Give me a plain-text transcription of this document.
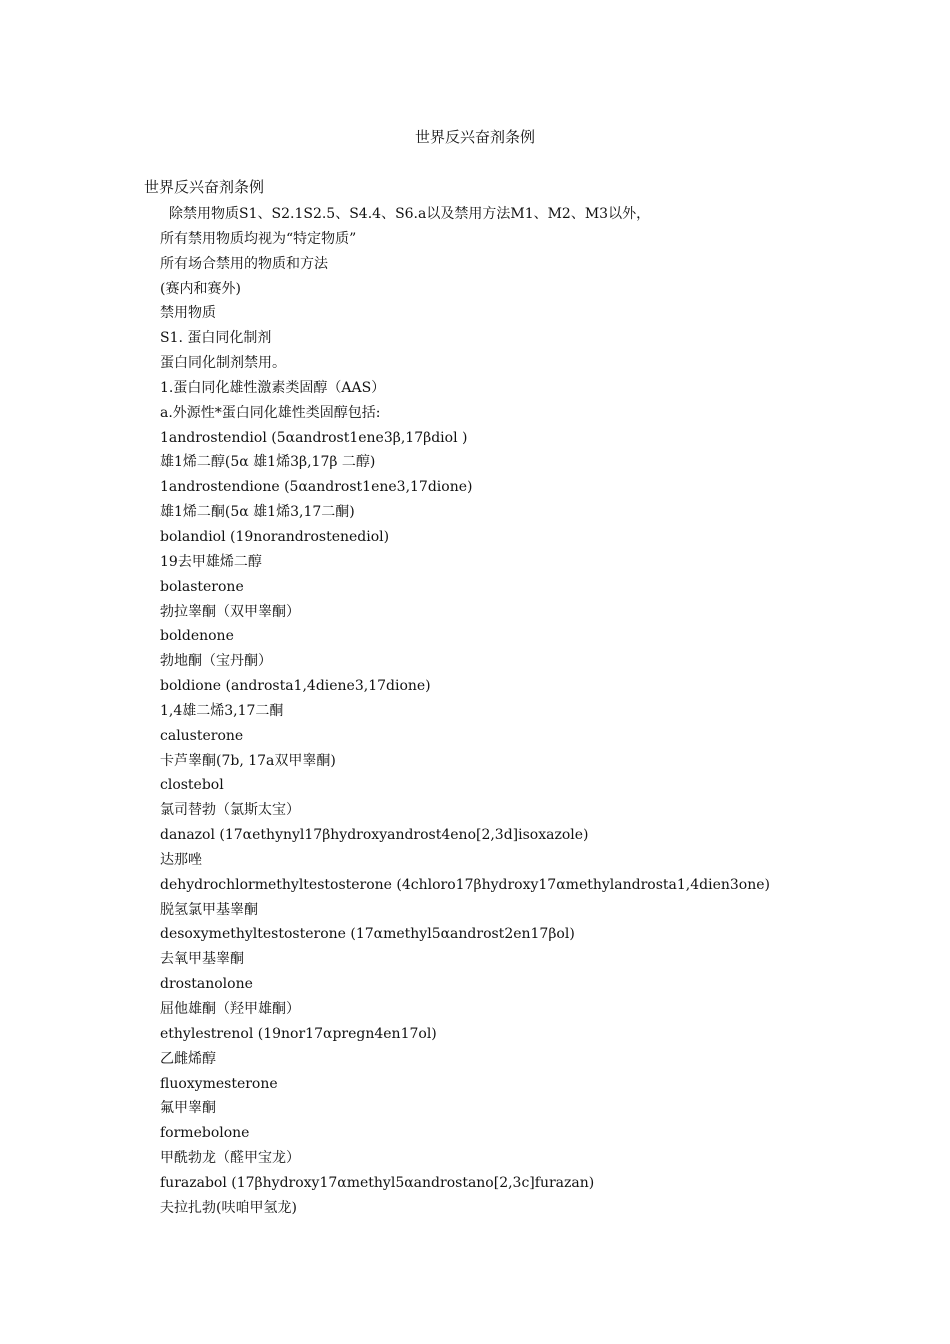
世界反兴奋剂条例
世界反兴奋剂条例
除禁用物质S1、S2.1S2.5、S4.4、S6.a以及禁用方法M1、M2、M3以外，
所有禁用物质均视为“特定物质”
所有场合禁用的物质和方法
(赛内和赛外)
禁用物质
S1. 蛋白同化制剂
蛋白同化制剂禁用。
1.蛋白同化雄性激素类固醇（AAS）
a.外源性*蛋白同化雄性类固醇包括:
1androstendiol (5αandrost1ene3β,17βdiol )
雄1烯二醇(5α 雄1烯3β,17β 二醇)
1androstendione (5αandrost1ene3,17dione)
雄1烯二酮(5α 雄1烯3,17二酮)
bolandiol (19norandrostenediol)
19去甲雄烯二醇
bolasterone
勃拉睾酮（双甲睾酮）
boldenone
勃地酮（宝丹酮）
boldione (androsta1,4diene3,17dione)
1,4雄二烯3,17二酮
calusterone
卡芦睾酮(7b, 17a双甲睾酮)
clostebol
氯司替勃（氯斯太宝）
danazol (17αethynyl17βhydroxyandrost4eno[2,3d]isoxazole)
达那唑
dehydrochlormethyltestosterone (4chloro17βhydroxy17αmethylandrosta1,4dien3one)
脱氢氯甲基睾酮
desoxymethyltestosterone (17αmethyl5αandrost2en17βol)
去氧甲基睾酮
drostanolone
屈他雄酮（羟甲雄酮）
ethylestrenol (19nor17αpregn4en17ol)
乙雌烯醇
fluoxymesterone
氟甲睾酮
formebolone
甲酰勃龙（醛甲宝龙）
furazabol (17βhydroxy17αmethyl5αandrostano[2,3c]furazan)
夫拉扎勃(呋咱甲氢龙)
